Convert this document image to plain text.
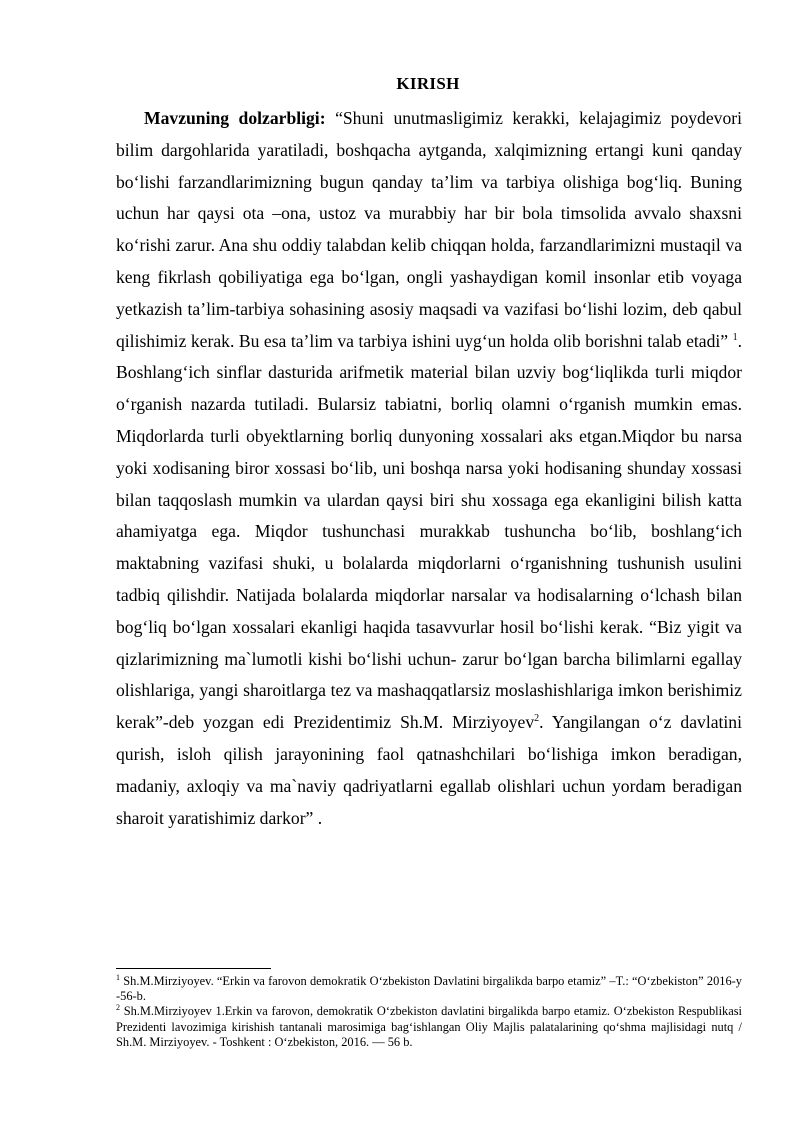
KIRISH

Mavzuning dolzarbligi: “Shuni unutmasligimiz kerakki, kelajagimiz poydevori bilim dargohlarida yaratiladi, boshqacha aytganda, xalqimizning ertangi kuni qanday bo‘lishi farzandlarimizning bugun qanday ta’lim va tarbiya olishiga bog‘liq. Buning uchun har qaysi ota –ona, ustoz va murabbiy har bir bola timsolida avvalo shaxsni ko‘rishi zarur. Ana shu oddiy talabdan kelib chiqqan holda, farzandlarimizni mustaqil va keng fikrlash qobiliyatiga ega bo‘lgan, ongli yashaydigan komil insonlar etib voyaga yetkazish ta’lim-tarbiya sohasining asosiy maqsadi va vazifasi bo‘lishi lozim, deb qabul qilishimiz kerak. Bu esa ta’lim va tarbiya ishini uyg‘un holda olib borishni talab etadi” $^1$. Boshlang‘ich sinflar dasturida arifmetik material bilan uzviy bog‘liqlikda turli miqdor o‘rganish nazarda tutiladi. Bularsiz tabiatni, borliq olamni o‘rganish mumkin emas. Miqdorlarda turli obyektlarning borliq dunyoning xossalari aks etgan.Miqdor bu narsa yoki xodisaning biror xossasi bo‘lib, uni boshqa narsa yoki hodisaning shunday xossasi bilan taqqoslash mumkin va ulardan qaysi biri shu xossaga ega ekanligini bilish katta ahamiyatga ega. Miqdor tushunchasi murakkab tushuncha bo‘lib, boshlang‘ich maktabning vazifasi shuki, u bolalarda miqdorlarni o‘rganishning tushunish usulini tadbiq qilishdir. Natijada bolalarda miqdorlar narsalar va hodisalarning o‘lchash bilan bog‘liq bo‘lgan xossalari ekanligi haqida tasavvurlar hosil bo‘lishi kerak. “Biz yigit va qizlarimizning ma`lumotli kishi bo‘lishi uchun- zarur bo‘lgan barcha bilimlarni egallay olishlariga, yangi sharoitlarga tez va mashaqqatlarsiz moslashishlariga imkon berishimiz kerak”-deb yozgan edi Prezidentimiz Sh.M. Mirziyoyev$^2$. Yangilangan o‘z davlatini qurish, isloh qilish jarayonining faol qatnashchilari bo‘lishiga imkon beradigan, madaniy, axloqiy va ma`naviy qadriyatlarni egallab olishlari uchun yordam beradigan sharoit yaratishimiz darkor” .

$^1$ Sh.M.Mirziyoyev. “Erkin va farovon demokratik O‘zbekiston Davlatini birgalikda barpo etamiz” –T.: “O‘zbekiston” 2016-y -56-b.

$^2$ Sh.M.Mirziyoyev 1.Erkin va farovon, demokratik O‘zbekiston davlatini birgalikda barpo etamiz. O‘zbekiston Respublikasi Prezidenti lavozimiga kirishish tantanali marosimiga bag‘ishlangan Oliy Majlis palatalarining qo‘shma majlisidagi nutq / Sh.M. Mirziyoyev. - Toshkent : O‘zbekiston, 2016. — 56 b.
